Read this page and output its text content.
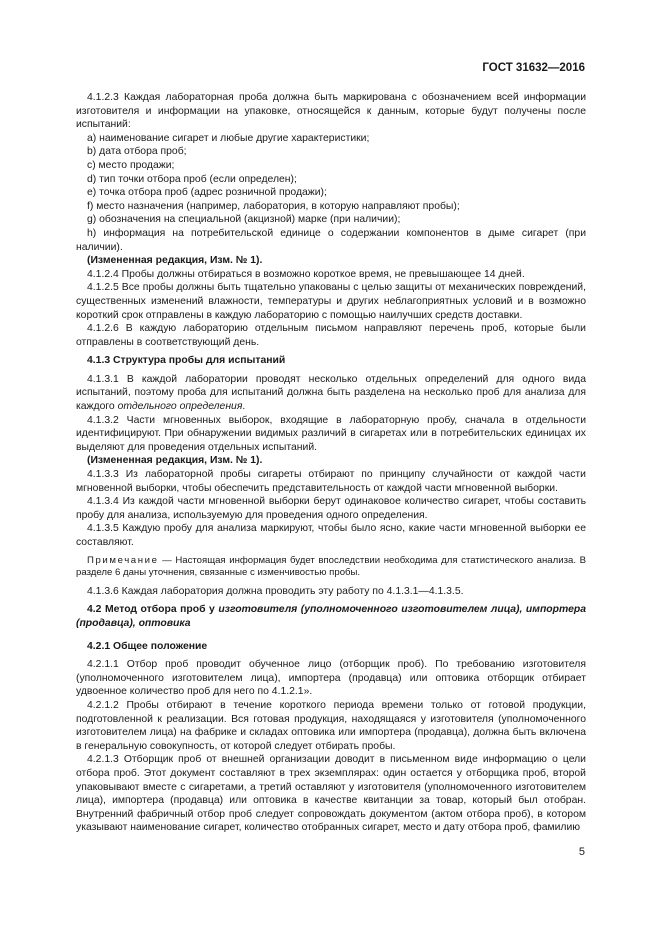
ГОСТ 31632—2016

4.1.2.3 Каждая лабораторная проба должна быть маркирована с обозначением всей информации изготовителя и информации на упаковке, относящейся к данным, которые будут получены после испытаний:

a) наименование сигарет и любые другие характеристики;

b) дата отбора проб;

c) место продажи;

d) тип точки отбора проб (если определен);

e) точка отбора проб (адрес розничной продажи);

f) место назначения (например, лаборатория, в которую направляют пробы);

g) обозначения на специальной (акцизной) марке (при наличии);

h) информация на потребительской единице о содержании компонентов в дыме сигарет (при наличии).

(Измененная редакция, Изм. № 1).

4.1.2.4 Пробы должны отбираться в возможно короткое время, не превышающее 14 дней.

4.1.2.5 Все пробы должны быть тщательно упакованы с целью защиты от механических повреждений, существенных изменений влажности, температуры и других неблагоприятных условий и в возможно короткий срок отправлены в каждую лабораторию с помощью наилучших средств доставки.

4.1.2.6 В каждую лабораторию отдельным письмом направляют перечень проб, которые были отправлены в соответствующий день.

4.1.3 Структура пробы для испытаний

4.1.3.1 В каждой лаборатории проводят несколько отдельных определений для одного вида испытаний, поэтому проба для испытаний должна быть разделена на несколько проб для анализа для каждого отдельного определения.

4.1.3.2 Части мгновенных выборок, входящие в лабораторную пробу, сначала в отдельности идентифицируют. При обнаружении видимых различий в сигаретах или в потребительских единицах их выделяют для проведения отдельных испытаний.

(Измененная редакция, Изм. № 1).

4.1.3.3 Из лабораторной пробы сигареты отбирают по принципу случайности от каждой части мгновенной выборки, чтобы обеспечить представительность от каждой части мгновенной выборки.

4.1.3.4 Из каждой части мгновенной выборки берут одинаковое количество сигарет, чтобы составить пробу для анализа, используемую для проведения одного определения.

4.1.3.5 Каждую пробу для анализа маркируют, чтобы было ясно, какие части мгновенной выборки ее составляют.

Примечание — Настоящая информация будет впоследствии необходима для статистического анализа. В разделе 6 даны уточнения, связанные с изменчивостью пробы.

4.1.3.6 Каждая лаборатория должна проводить эту работу по 4.1.3.1—4.1.3.5.

4.2 Метод отбора проб у изготовителя (уполномоченного изготовителем лица), импортера (продавца), оптовика

4.2.1 Общее положение

4.2.1.1 Отбор проб проводит обученное лицо (отборщик проб). По требованию изготовителя (уполномоченного изготовителем лица), импортера (продавца) или оптовика отборщик отбирает удвоенное количество проб для него по 4.1.2.1».

4.2.1.2 Пробы отбирают в течение короткого периода времени только от готовой продукции, подготовленной к реализации. Вся готовая продукция, находящаяся у изготовителя (уполномоченного изготовителем лица) на фабрике и складах оптовика или импортера (продавца), должна быть включена в генеральную совокупность, от которой следует отбирать пробы.

4.2.1.3 Отборщик проб от внешней организации доводит в письменном виде информацию о цели отбора проб. Этот документ составляют в трех экземплярах: один остается у отборщика проб, второй упаковывают вместе с сигаретами, а третий оставляют у изготовителя (уполномоченного изготовителем лица), импортера (продавца) или оптовика в качестве квитанции за товар, который был отобран. Внутренний фабричный отбор проб следует сопровождать документом (актом отбора проб), в котором указывают наименование сигарет, количество отобранных сигарет, место и дату отбора проб, фамилию

5
